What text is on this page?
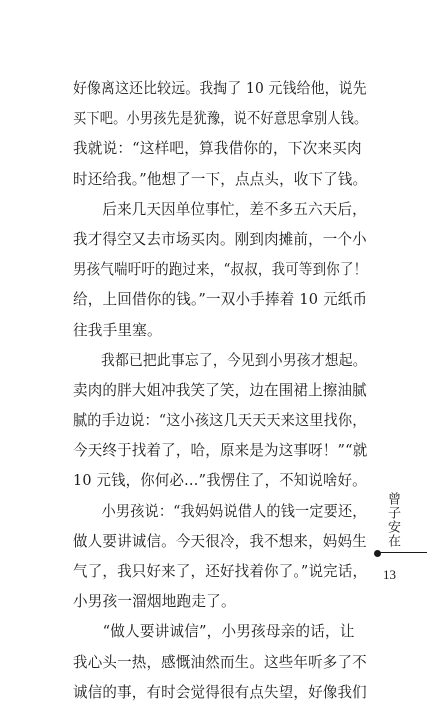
好像离这还比较远。我掏了 10 元钱给他，说先
买下吧。小男孩先是犹豫，说不好意思拿别人钱。
我就说：“这样吧，算我借你的，下次来买肉
时还给我。”他想了一下，点点头，收下了钱。
　　后来几天因单位事忙，差不多五六天后，
我才得空又去市场买肉。刚到肉摊前，一个小
男孩气喘吁吁的跑过来，“叔叔，我可等到你了！
给，上回借你的钱。”一双小手捧着 10 元纸币
往我手里塞。
　　我都已把此事忘了，今见到小男孩才想起。
卖肉的胖大姐冲我笑了笑，边在围裙上擦油腻
腻的手边说：“这小孩这几天天天来这里找你，
今天终于找着了，哈，原来是为这事呀！”“就
10 元钱，你何必…”我愣住了，不知说啥好。
　　小男孩说：“我妈妈说借人的钱一定要还，
做人要讲诚信。今天很冷，我不想来，妈妈生
气了，我只好来了，还好找着你了。”说完话，
小男孩一溜烟地跑走了。
　　“做人要讲诚信”，小男孩母亲的话，让
我心头一热，感慨油然而生。这些年听多了不
诚信的事，有时会觉得很有点失望，好像我们
曾子安在
13
